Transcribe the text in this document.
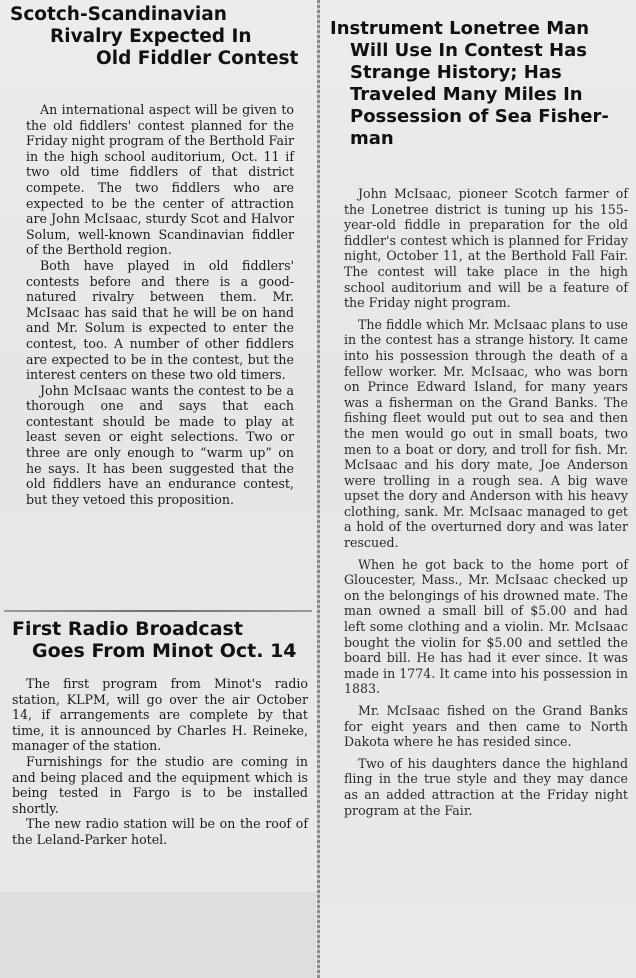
Scotch-Scandinavian
Rivalry Expected In
Old Fiddler Contest

An international aspect will be given to the old fiddlers' contest planned for the Friday night program of the Berthold Fair in the high school auditorium, Oct. 11 if two old time fiddlers of that district compete. The two fiddlers who are expected to be the center of attraction are John McIsaac, sturdy Scot and Halvor Solum, well-known Scandinavian fiddler of the Berthold region.

Both have played in old fiddlers' contests before and there is a good-natured rivalry between them. Mr. McIsaac has said that he will be on hand and Mr. Solum is expected to enter the contest, too. A number of other fiddlers are expected to be in the contest, but the interest centers on these two old timers.

John McIsaac wants the contest to be a thorough one and says that each contestant should be made to play at least seven or eight selections. Two or three are only enough to “warm up” on he says. It has been suggested that the old fiddlers have an endurance contest, but they vetoed this proposition.

First Radio Broadcast
Goes From Minot Oct. 14

The first program from Minot's radio station, KLPM, will go over the air October 14, if arrangements are complete by that time, it is announced by Charles H. Reineke, manager of the station.

Furnishings for the studio are coming in and being placed and the equipment which is being tested in Fargo is to be installed shortly.

The new radio station will be on the roof of the Leland-Parker hotel.

Instrument Lonetree Man
Will Use In Contest Has
Strange History; Has
Traveled Many Miles In
Possession of Sea Fisher-
man

John McIsaac, pioneer Scotch farmer of the Lonetree district is tuning up his 155-year-old fiddle in preparation for the old fiddler's contest which is planned for Friday night, October 11, at the Berthold Fall Fair. The contest will take place in the high school auditorium and will be a feature of the Friday night program.

The fiddle which Mr. McIsaac plans to use in the contest has a strange history. It came into his possession through the death of a fellow worker. Mr. McIsaac, who was born on Prince Edward Island, for many years was a fisherman on the Grand Banks. The fishing fleet would put out to sea and then the men would go out in small boats, two men to a boat or dory, and troll for fish. Mr. McIsaac and his dory mate, Joe Anderson were trolling in a rough sea. A big wave upset the dory and Anderson with his heavy clothing, sank. Mr. McIsaac managed to get a hold of the overturned dory and was later rescued.

When he got back to the home port of Gloucester, Mass., Mr. McIsaac checked up on the belongings of his drowned mate. The man owned a small bill of $5.00 and had left some clothing and a violin. Mr. McIsaac bought the violin for $5.00 and settled the board bill. He has had it ever since. It was made in 1774. It came into his possession in 1883.

Mr. McIsaac fished on the Grand Banks for eight years and then came to North Dakota where he has resided since.

Two of his daughters dance the highland fling in the true style and they may dance as an added attraction at the Friday night program at the Fair.
